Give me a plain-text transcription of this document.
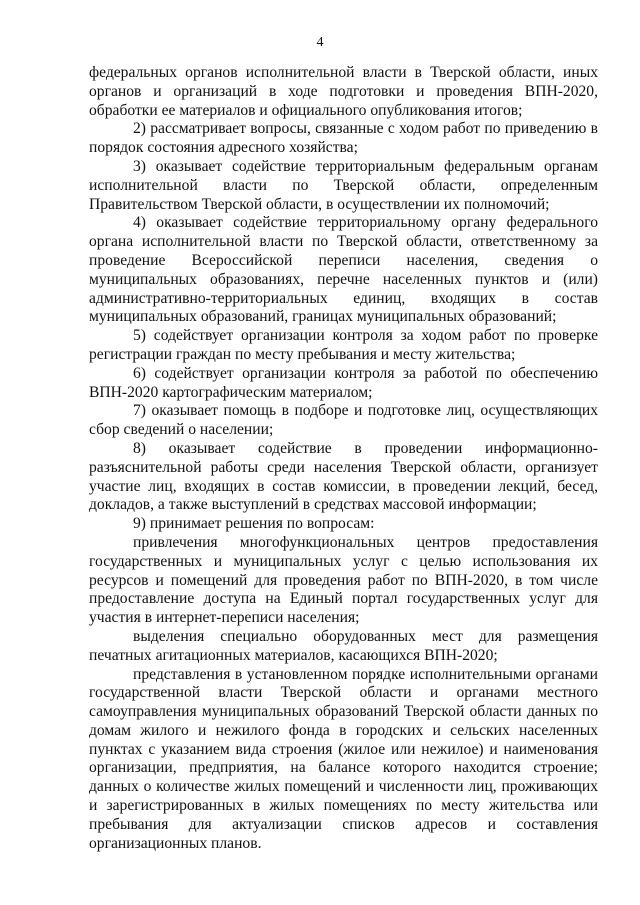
4

федеральных органов исполнительной власти в Тверской области, иных органов и организаций в ходе подготовки и проведения ВПН-2020, обработки ее материалов и официального опубликования итогов;

2) рассматривает вопросы, связанные с ходом работ по приведению в порядок состояния адресного хозяйства;

3) оказывает содействие территориальным федеральным органам исполнительной власти по Тверской области, определенным Правительством Тверской области, в осуществлении их полномочий;

4) оказывает содействие территориальному органу федерального органа исполнительной власти по Тверской области, ответственному за проведение Всероссийской переписи населения, сведения о муниципальных образованиях, перечне населенных пунктов и (или) административно-территориальных единиц, входящих в состав муниципальных образований, границах муниципальных образований;

5) содействует организации контроля за ходом работ по проверке регистрации граждан по месту пребывания и месту жительства;

6) содействует организации контроля за работой по обеспечению ВПН-2020 картографическим материалом;

7) оказывает помощь в подборе и подготовке лиц, осуществляющих сбор сведений о населении;

8) оказывает содействие в проведении информационно-разъяснительной работы среди населения Тверской области, организует участие лиц, входящих в состав комиссии, в проведении лекций, бесед, докладов, а также выступлений в средствах массовой информации;

9) принимает решения по вопросам:

привлечения многофункциональных центров предоставления государственных и муниципальных услуг с целью использования их ресурсов и помещений для проведения работ по ВПН-2020, в том числе предоставление доступа на Единый портал государственных услуг для участия в интернет-переписи населения;

выделения специально оборудованных мест для размещения печатных агитационных материалов, касающихся ВПН-2020;

представления в установленном порядке исполнительными органами государственной власти Тверской области и органами местного самоуправления муниципальных образований Тверской области данных по домам жилого и нежилого фонда в городских и сельских населенных пунктах с указанием вида строения (жилое или нежилое) и наименования организации, предприятия, на балансе которого находится строение; данных о количестве жилых помещений и численности лиц, проживающих и зарегистрированных в жилых помещениях по месту жительства или пребывания для актуализации списков адресов и составления организационных планов.
